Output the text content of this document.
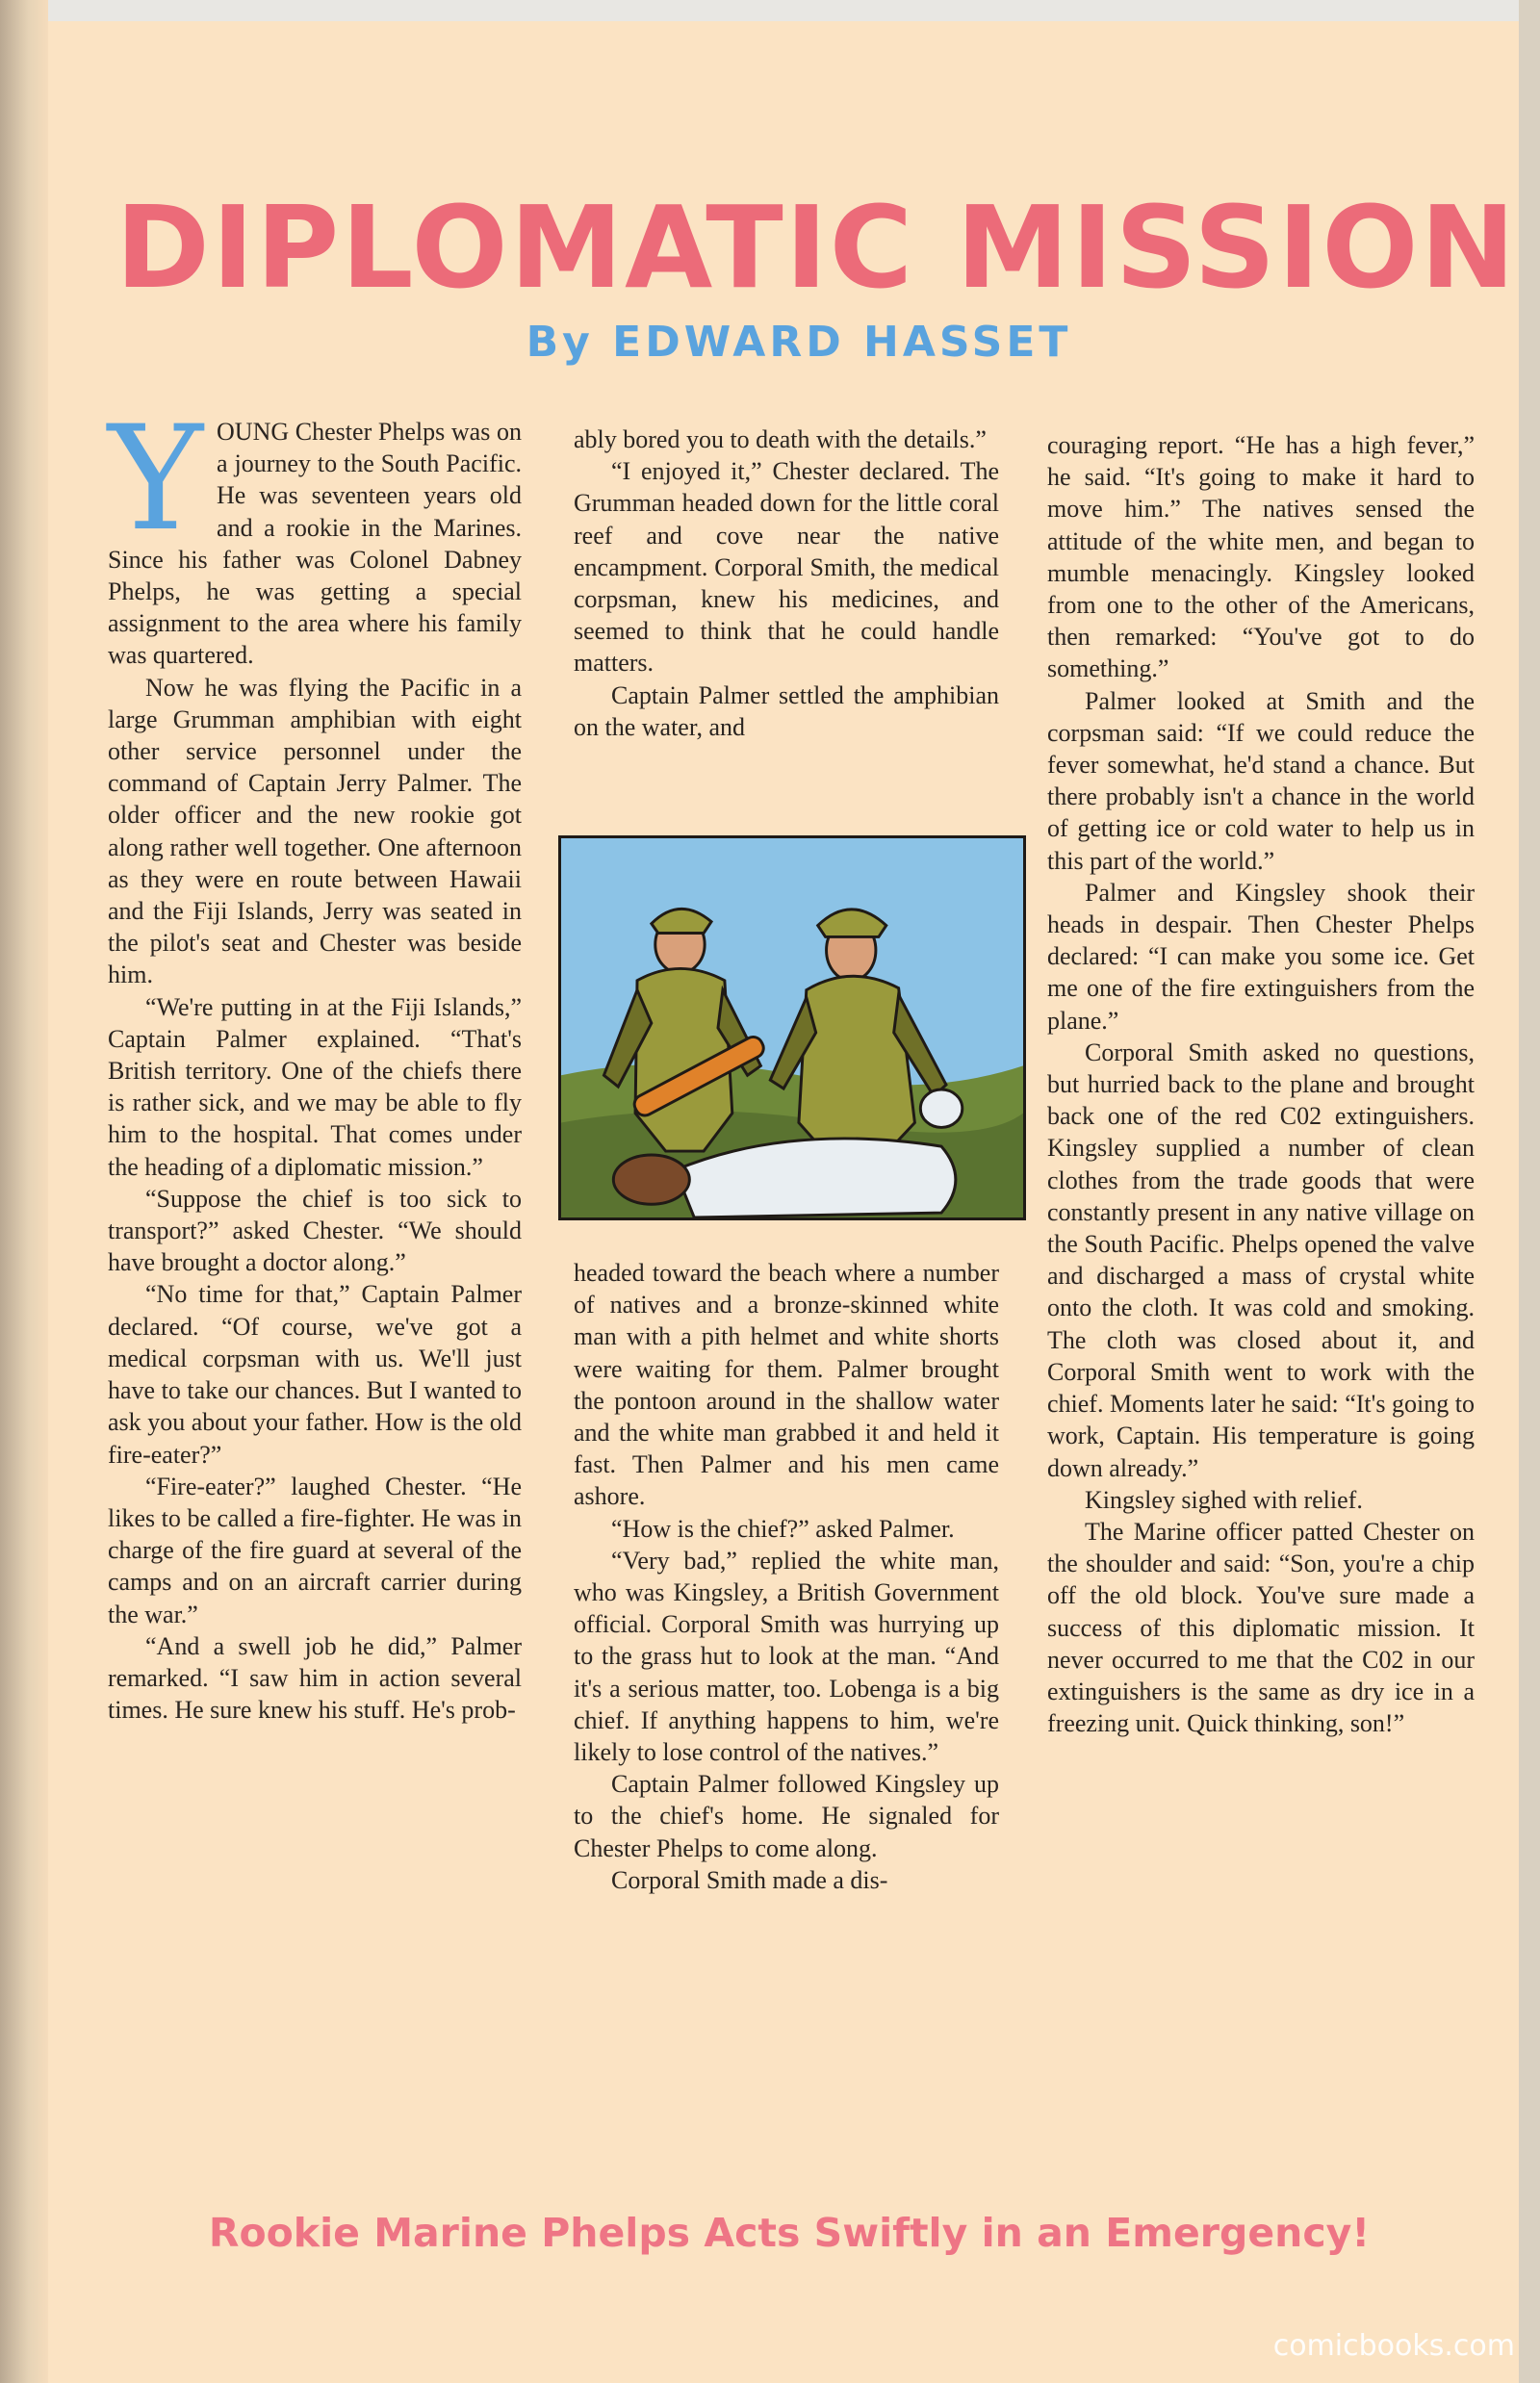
DIPLOMATIC MISSION
By EDWARD HASSET

YOUNG Chester Phelps was on a journey to the South Pacific. He was seventeen years old and a rookie in the Marines. Since his father was Colonel Dabney Phelps, he was getting a special assignment to the area where his family was quartered.

Now he was flying the Pacific in a large Grumman amphibian with eight other service personnel under the command of Captain Jerry Palmer. The older officer and the new rookie got along rather well together. One afternoon as they were en route between Hawaii and the Fiji Islands, Jerry was seated in the pilot's seat and Chester was beside him.

“We're putting in at the Fiji Islands,” Captain Palmer explained. “That's British territory. One of the chiefs there is rather sick, and we may be able to fly him to the hospital. That comes under the heading of a diplomatic mission.”

“Suppose the chief is too sick to transport?” asked Chester. “We should have brought a doctor along.”

“No time for that,” Captain Palmer declared. “Of course, we've got a medical corpsman with us. We'll just have to take our chances. But I wanted to ask you about your father. How is the old fire-eater?”

“Fire-eater?” laughed Chester. “He likes to be called a fire-fighter. He was in charge of the fire guard at several of the camps and on an aircraft carrier during the war.”

“And a swell job he did,” Palmer remarked. “I saw him in action several times. He sure knew his stuff. He's prob-

ably bored you to death with the details.”

“I enjoyed it,” Chester declared. The Grumman headed down for the little coral reef and cove near the native encampment. Corporal Smith, the medical corpsman, knew his medicines, and seemed to think that he could handle matters.

Captain Palmer settled the amphibian on the water, and

headed toward the beach where a number of natives and a bronze-skinned white man with a pith helmet and white shorts were waiting for them. Palmer brought the pontoon around in the shallow water and the white man grabbed it and held it fast. Then Palmer and his men came ashore.

“How is the chief?” asked Palmer.

“Very bad,” replied the white man, who was Kingsley, a British Government official. Corporal Smith was hurrying up to the grass hut to look at the man. “And it's a serious matter, too. Lobenga is a big chief. If anything happens to him, we're likely to lose control of the natives.”

Captain Palmer followed Kingsley up to the chief's home. He signaled for Chester Phelps to come along.

Corporal Smith made a dis-

couraging report. “He has a high fever,” he said. “It's going to make it hard to move him.” The natives sensed the attitude of the white men, and began to mumble menacingly. Kingsley looked from one to the other of the Americans, then remarked: “You've got to do something.”

Palmer looked at Smith and the corpsman said: “If we could reduce the fever somewhat, he'd stand a chance. But there probably isn't a chance in the world of getting ice or cold water to help us in this part of the world.”

Palmer and Kingsley shook their heads in despair. Then Chester Phelps declared: “I can make you some ice. Get me one of the fire extinguishers from the plane.”

Corporal Smith asked no questions, but hurried back to the plane and brought back one of the red C02 extinguishers. Kingsley supplied a number of clean clothes from the trade goods that were constantly present in any native village on the South Pacific. Phelps opened the valve and discharged a mass of crystal white onto the cloth. It was cold and smoking. The cloth was closed about it, and Corporal Smith went to work with the chief. Moments later he said: “It's going to work, Captain. His temperature is going down already.”

Kingsley sighed with relief.

The Marine officer patted Chester on the shoulder and said: “Son, you're a chip off the old block. You've sure made a success of this diplomatic mission. It never occurred to me that the C02 in our extinguishers is the same as dry ice in a freezing unit. Quick thinking, son!”

Rookie Marine Phelps Acts Swiftly in an Emergency!
comicbooks.com
